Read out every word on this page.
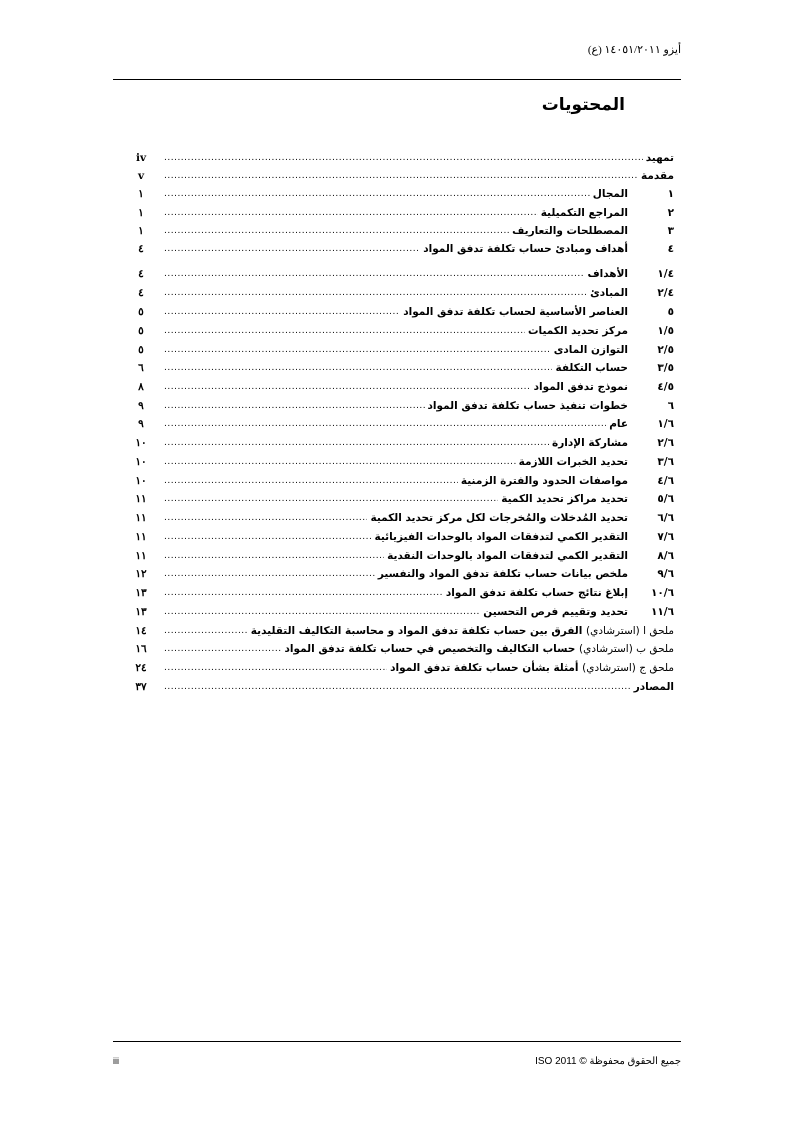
أيزو ١٤٠٥١/٢٠١١ (ع)
المحتويات
.....
تمهيد
iv
.....
مقدمة
v
.....
١المجال
١
.....
٢المراجع التكميلية
١
.....
٣المصطلحات والتعاريف
١
.....
٤أهداف ومبادئ حساب تكلفة تدفق المواد
٤
.....
١/٤الأهداف
٤
.....
٢/٤المبادئ
٤
.....
٥العناصر الأساسية لحساب تكلفة تدفق المواد
٥
.....
١/٥مركز تحديد الكميات
٥
.....
٢/٥التوازن المادى
٥
.....
٣/٥حساب التكلفة
٦
.....
٤/٥نموذج تدفق المواد
٨
.....
٦خطوات تنفيذ حساب تكلفة تدفق المواد
٩
.....
١/٦عام
٩
.....
٢/٦مشاركة الإدارة
١٠
.....
٣/٦تحديد الخبرات اللازمة
١٠
.....
٤/٦مواصفات الحدود والفترة الزمنية
١٠
.....
٥/٦تحديد مراكز تحديد الكمية
١١
.....
٦/٦تحديد المُدخلات والمُخرجات لكل مركز تحديد الكمية
١١
.....
٧/٦التقدير الكمي لتدفقات المواد بالوحدات الفيزيائية
١١
.....
٨/٦التقدير الكمي لتدفقات المواد بالوحدات النقدية
١١
.....
٩/٦ملخص بيانات حساب تكلفة تدفق المواد والتفسير
١٢
.....
١٠/٦إبلاغ نتائج حساب تكلفة تدفق المواد
١٣
.....
١١/٦تحديد وتقييم فرص التحسين
١٣
.....
ملحق ا (استرشادي) الفرق بين حساب تكلفة تدفق المواد و محاسبة التكاليف التقليدية
١٤
.....
ملحق ب (استرشادي) حساب التكاليف والتخصيص في حساب تكلفة تدفق المواد
١٦
.....
ملحق ج (استرشادي) أمثلة بشأن حساب تكلفة تدفق المواد
٢٤
.....
المصادر
٣٧
جميع الحقوق محفوظة © ISO 2011
iii
